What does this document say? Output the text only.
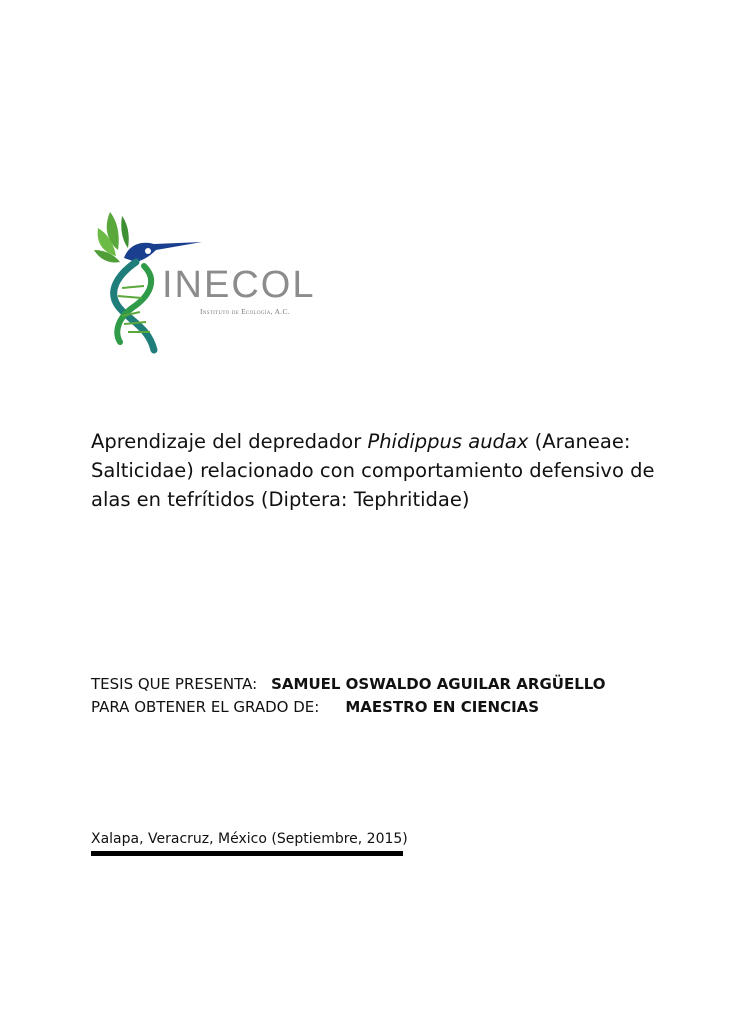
INECOL

Instituto de Ecología, A.C.

Aprendizaje del depredador Phidippus audax (Araneae: Salticidae) relacionado con comportamiento defensivo de alas en tefrítidos (Diptera: Tephritidae)

TESIS QUE PRESENTA: SAMUEL OSWALDO AGUILAR ARGÜELLO

PARA OBTENER EL GRADO DE: MAESTRO EN CIENCIAS

Xalapa, Veracruz, México (Septiembre, 2015)
